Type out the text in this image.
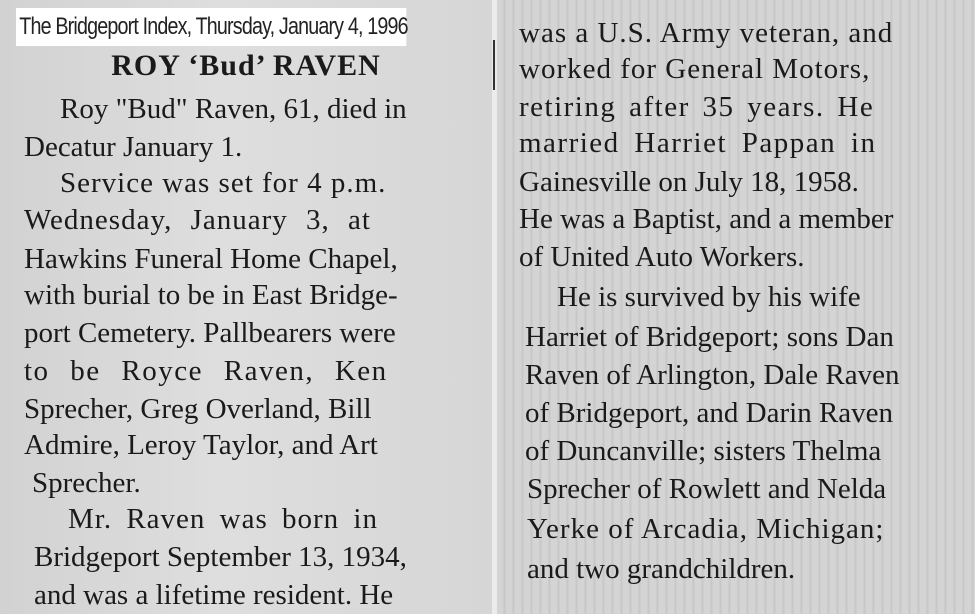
The Bridgeport Index, Thursday, January 4, 1996
ROY ‘Bud’ RAVEN
Roy "Bud" Raven, 61, died in
Decatur January 1.
Service was set for 4 p.m.
Wednesday, January 3, at
Hawkins Funeral Home Chapel,
with burial to be in East Bridge-
port Cemetery. Pallbearers were
to be Royce Raven, Ken
Sprecher, Greg Overland, Bill
Admire, Leroy Taylor, and Art
Sprecher.
Mr. Raven was born in
Bridgeport September 13, 1934,
and was a lifetime resident. He
was a U.S. Army veteran, and
worked for General Motors,
retiring after 35 years. He
married Harriet Pappan in
Gainesville on July 18, 1958.
He was a Baptist, and a member
of United Auto Workers.
He is survived by his wife
Harriet of Bridgeport; sons Dan
Raven of Arlington, Dale Raven
of Bridgeport, and Darin Raven
of Duncanville; sisters Thelma
Sprecher of Rowlett and Nelda
Yerke of Arcadia, Michigan;
and two grandchildren.
